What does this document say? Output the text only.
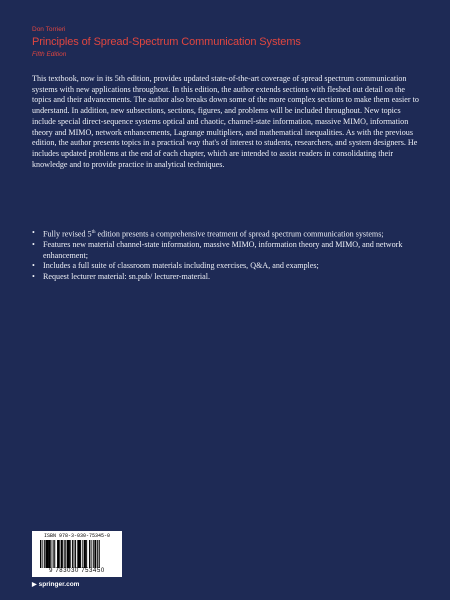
Don Torrieri
Principles of Spread-Spectrum Communication Systems
Fifth Edition

This textbook, now in its 5th edition, provides updated state-of-the-art coverage of spread spectrum communication systems with new applications throughout. In this edition, the author extends sections with fleshed out detail on the topics and their advancements. The author also breaks down some of the more complex sections to make them easier to understand. In addition, new subsections, sections, figures, and problems will be included throughout. New topics include special direct-sequence systems optical and chaotic, channel-state information, massive MIMO, information theory and MIMO, network enhancements, Lagrange multipliers, and mathematical inequalities. As with the previous edition, the author presents topics in a practical way that's of interest to students, researchers, and system designers. He includes updated problems at the end of each chapter, which are intended to assist readers in consolidating their knowledge and to provide practice in analytical techniques.

• Fully revised 5th edition presents a comprehensive treatment of spread spectrum communication systems;
• Features new material channel-state information, massive MIMO, information theory and MIMO, and network enhancement;
• Includes a full suite of classroom materials including exercises, Q&A, and examples;
• Request lecturer material: sn.pub/ lecturer-material.
ISBN 978-3-030-75345-0
9 783030 753450
▶ springer.com
